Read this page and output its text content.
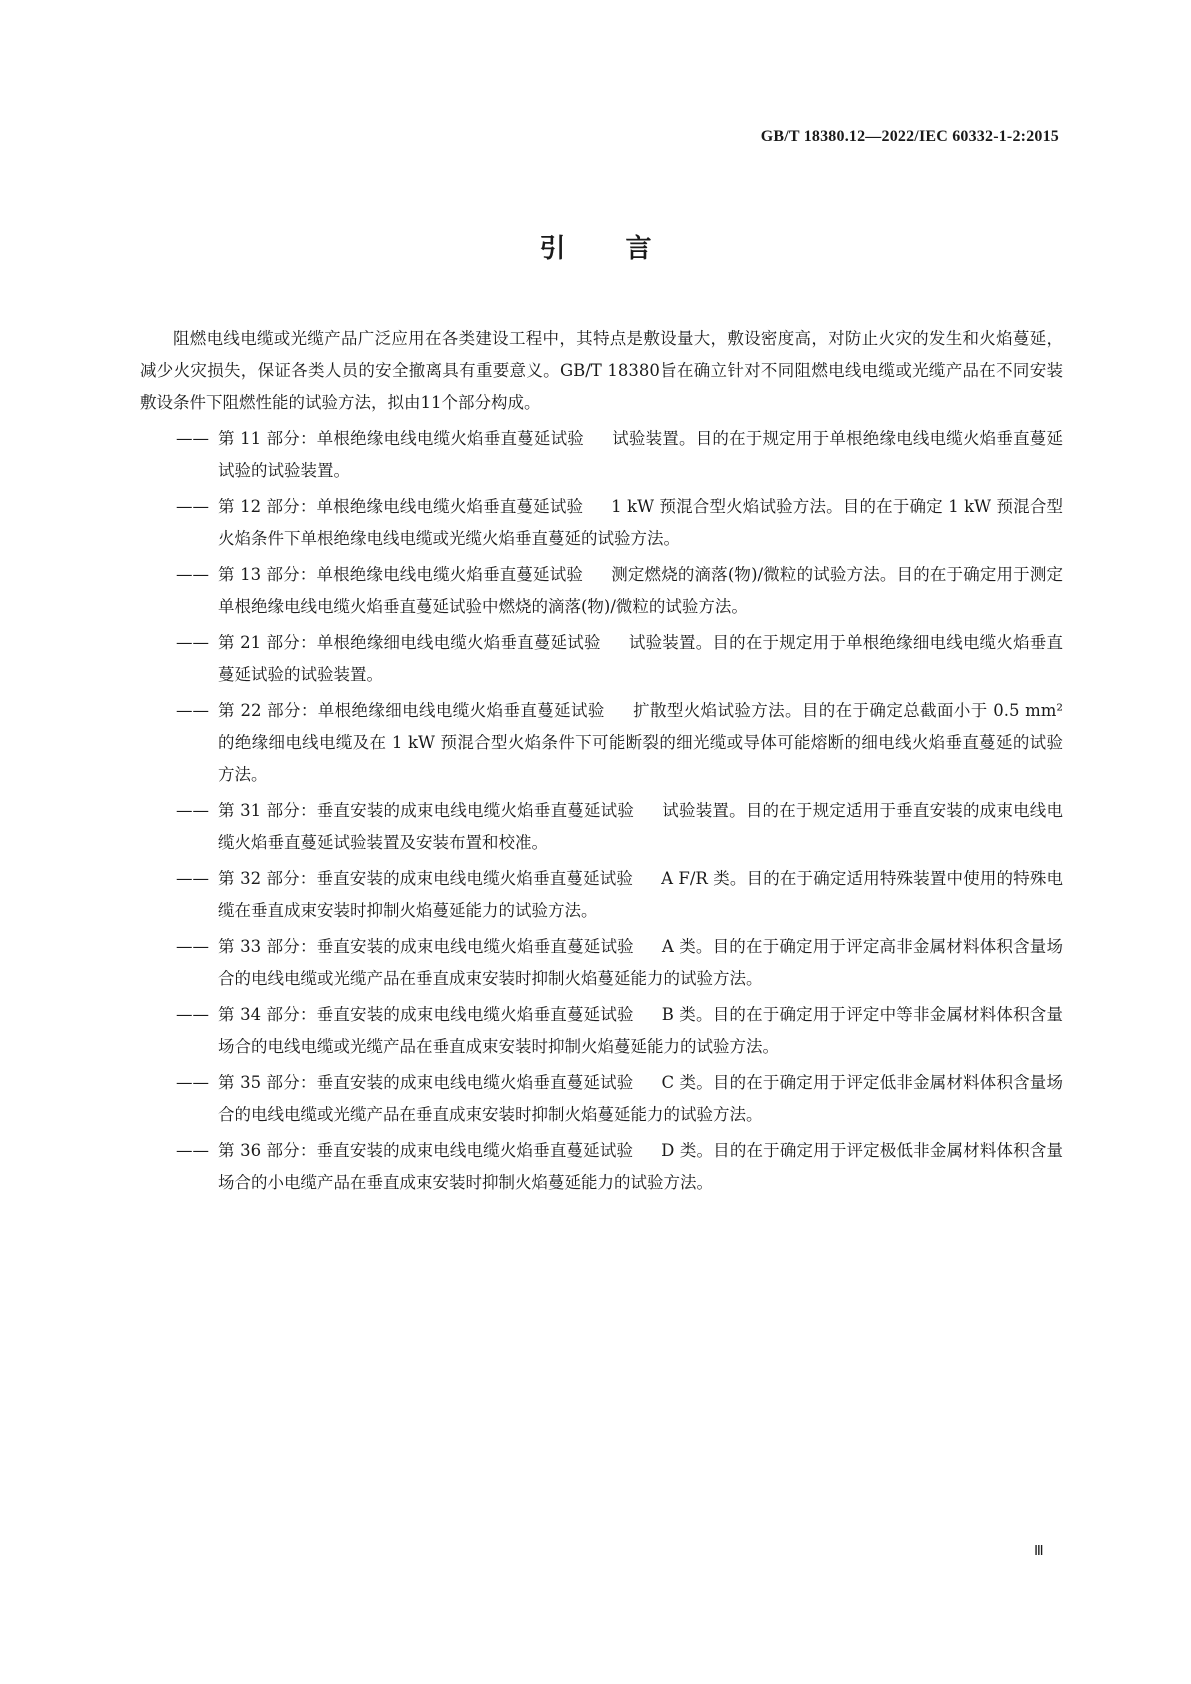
GB/T 18380.12—2022/IEC 60332-1-2:2015
引言

阻燃电线电缆或光缆产品广泛应用在各类建设工程中，其特点是敷设量大，敷设密度高，对防止火灾的发生和火焰蔓延，减少火灾损失，保证各类人员的安全撤离具有重要意义。GB/T 18380旨在确立针对不同阻燃电线电缆或光缆产品在不同安装敷设条件下阻燃性能的试验方法，拟由11个部分构成。

—— 第 11 部分：单根绝缘电线电缆火焰垂直蔓延试验 试验装置。目的在于规定用于单根绝缘电线电缆火焰垂直蔓延试验的试验装置。
—— 第 12 部分：单根绝缘电线电缆火焰垂直蔓延试验 1 kW 预混合型火焰试验方法。目的在于确定 1 kW 预混合型火焰条件下单根绝缘电线电缆或光缆火焰垂直蔓延的试验方法。
—— 第 13 部分：单根绝缘电线电缆火焰垂直蔓延试验 测定燃烧的滴落(物)/微粒的试验方法。目的在于确定用于测定单根绝缘电线电缆火焰垂直蔓延试验中燃烧的滴落(物)/微粒的试验方法。
—— 第 21 部分：单根绝缘细电线电缆火焰垂直蔓延试验 试验装置。目的在于规定用于单根绝缘细电线电缆火焰垂直蔓延试验的试验装置。
—— 第 22 部分：单根绝缘细电线电缆火焰垂直蔓延试验 扩散型火焰试验方法。目的在于确定总截面小于 0.5 mm² 的绝缘细电线电缆及在 1 kW 预混合型火焰条件下可能断裂的细光缆或导体可能熔断的细电线火焰垂直蔓延的试验方法。
—— 第 31 部分：垂直安装的成束电线电缆火焰垂直蔓延试验 试验装置。目的在于规定适用于垂直安装的成束电线电缆火焰垂直蔓延试验装置及安装布置和校准。
—— 第 32 部分：垂直安装的成束电线电缆火焰垂直蔓延试验 A F/R 类。目的在于确定适用特殊装置中使用的特殊电缆在垂直成束安装时抑制火焰蔓延能力的试验方法。
—— 第 33 部分：垂直安装的成束电线电缆火焰垂直蔓延试验 A 类。目的在于确定用于评定高非金属材料体积含量场合的电线电缆或光缆产品在垂直成束安装时抑制火焰蔓延能力的试验方法。
—— 第 34 部分：垂直安装的成束电线电缆火焰垂直蔓延试验 B 类。目的在于确定用于评定中等非金属材料体积含量场合的电线电缆或光缆产品在垂直成束安装时抑制火焰蔓延能力的试验方法。
—— 第 35 部分：垂直安装的成束电线电缆火焰垂直蔓延试验 C 类。目的在于确定用于评定低非金属材料体积含量场合的电线电缆或光缆产品在垂直成束安装时抑制火焰蔓延能力的试验方法。
—— 第 36 部分：垂直安装的成束电线电缆火焰垂直蔓延试验 D 类。目的在于确定用于评定极低非金属材料体积含量场合的小电缆产品在垂直成束安装时抑制火焰蔓延能力的试验方法。
Ⅲ
